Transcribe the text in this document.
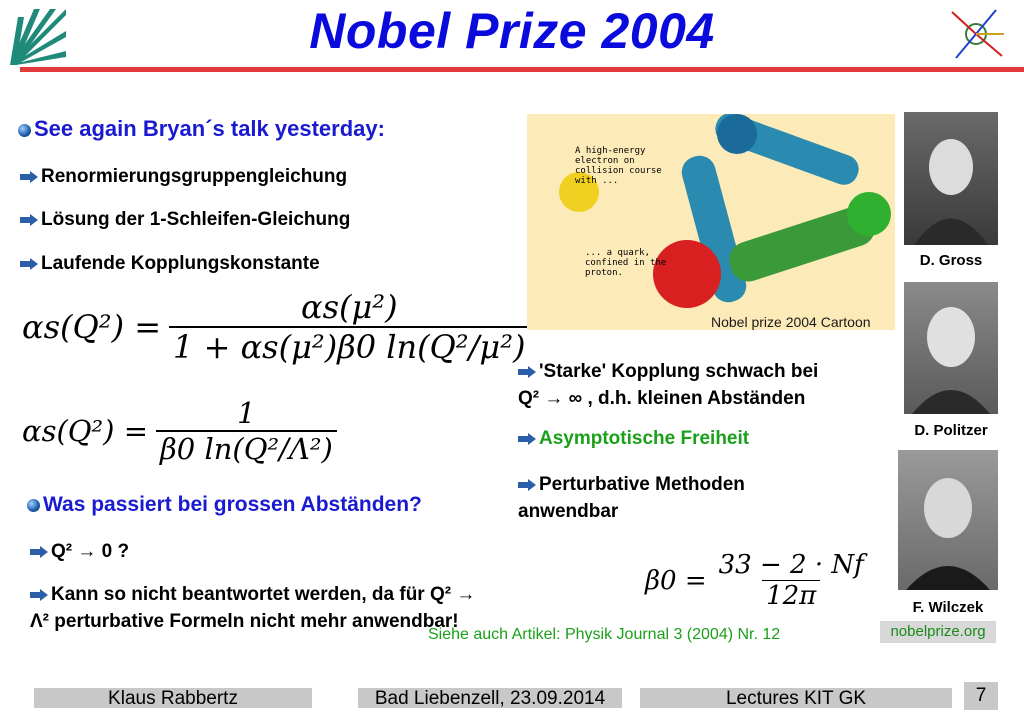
Nobel Prize 2004
See again Bryan´s talk yesterday:
Renormierungsgruppengleichung
Lösung der 1-Schleifen-Gleichung
Laufende Kopplungskonstante
$\alpha s(Q^2) = \frac{\text{αs(μ²)}}{\text{1 + αs(μ²)β0 ln(Q²/μ²)}}$
$\alpha s(Q^2) = \frac{1}{\text{β0 ln(Q²/Λ²)}}$
Was passiert bei grossen Abständen?
Q² → 0 ?
Kann so nicht beantwortet werden, da für Q² →
Λ² perturbative Formeln nicht mehr anwendbar!
A high-energy electron on collision course with ...
... a quark, confined in the proton.
Nobel prize 2004 Cartoon
D. Gross
D. Politzer
F. Wilczek
nobelprize.org
'Starke' Kopplung schwach bei
Q² → ∞ , d.h. kleinen Abständen
Asymptotische Freiheit
Perturbative Methoden
anwendbar
$\beta 0 = \frac{33 - 2 \cdot Nf}{12\pi}$
Siehe auch Artikel: Physik Journal 3 (2004) Nr. 12
Klaus Rabbertz	Bad Liebenzell, 23.09.2014	Lectures KIT GK	7
